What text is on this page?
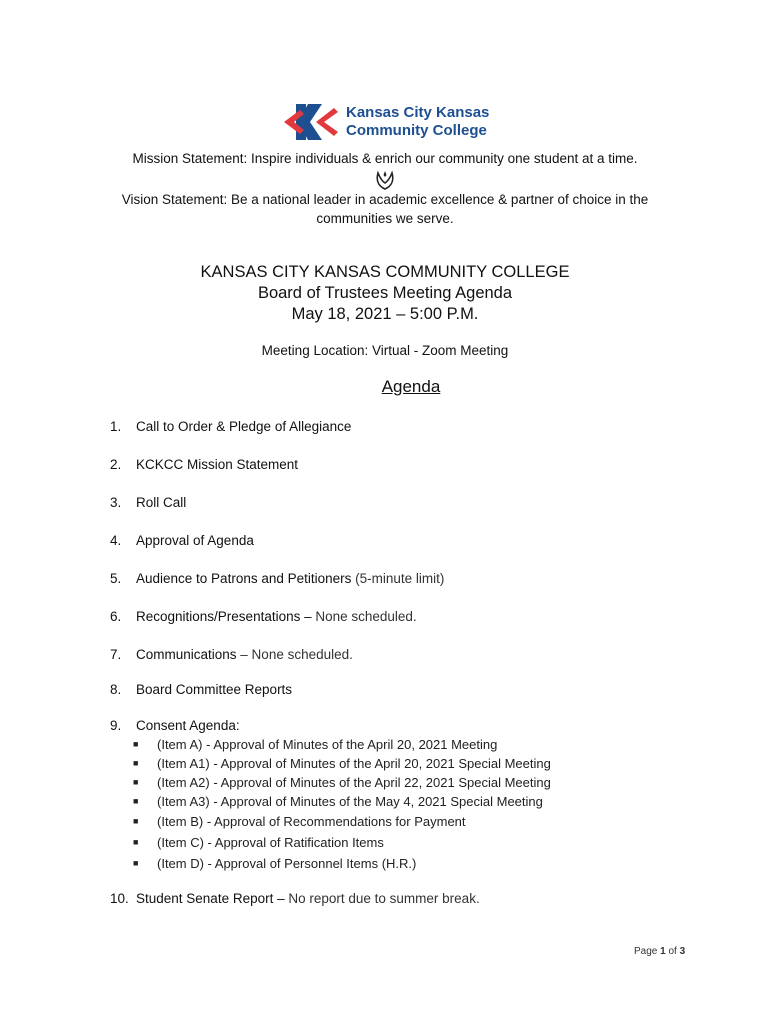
Kansas City Kansas
Community College
Mission Statement: Inspire individuals & enrich our community one student at a time.
Vision Statement: Be a national leader in academic excellence & partner of choice in the communities we serve.
KANSAS CITY KANSAS COMMUNITY COLLEGE
Board of Trustees Meeting Agenda
May 18, 2021 – 5:00 P.M.
Meeting Location: Virtual - Zoom Meeting
Agenda
1. Call to Order & Pledge of Allegiance
2. KCKCC Mission Statement
3. Roll Call
4. Approval of Agenda
5. Audience to Patrons and Petitioners (5-minute limit)
6. Recognitions/Presentations – None scheduled.
7. Communications – None scheduled.
8. Board Committee Reports
9. Consent Agenda:
■ (Item A) - Approval of Minutes of the April 20, 2021 Meeting
■ (Item A1) - Approval of Minutes of the April 20, 2021 Special Meeting
■ (Item A2) - Approval of Minutes of the April 22, 2021 Special Meeting
■ (Item A3) - Approval of Minutes of the May 4, 2021 Special Meeting
■ (Item B) - Approval of Recommendations for Payment
■ (Item C) - Approval of Ratification Items
■ (Item D) - Approval of Personnel Items (H.R.)
10. Student Senate Report – No report due to summer break.
Page 1 of 3
